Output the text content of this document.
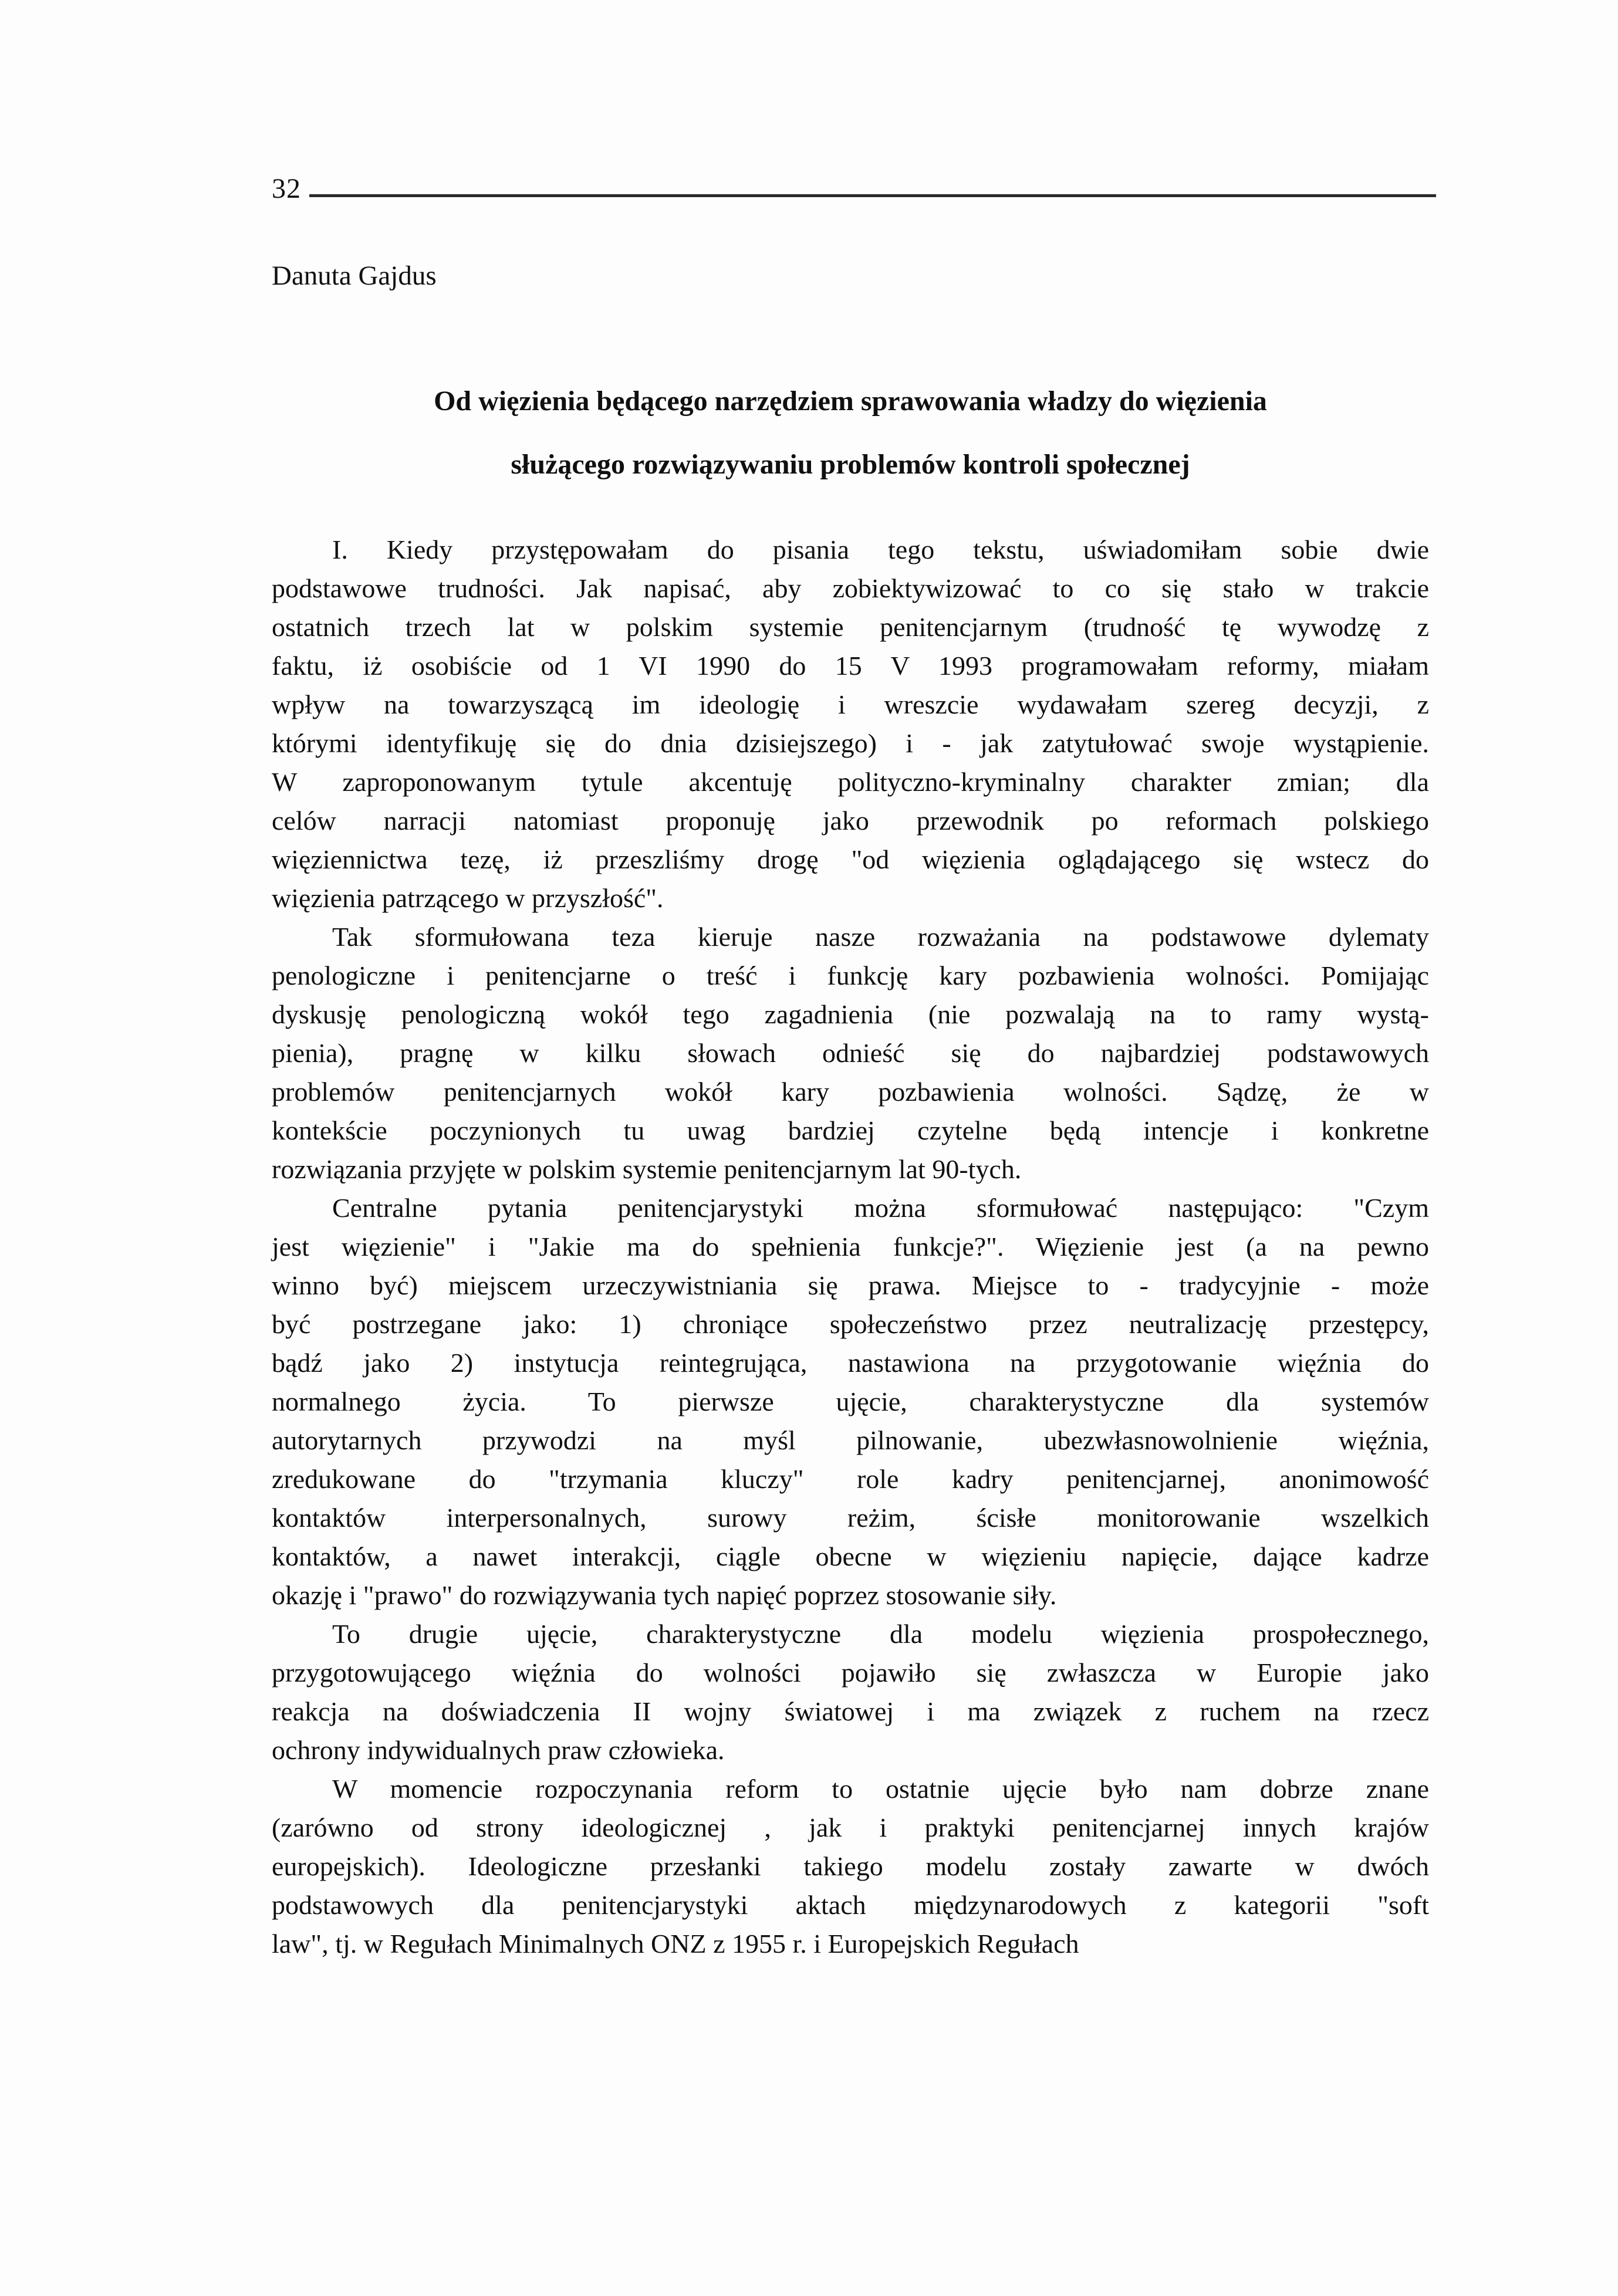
32
Danuta Gajdus
Od więzienia będącego narzędziem sprawowania władzy do więzienia
służącego rozwiązywaniu problemów kontroli społecznej
I. Kiedy przystępowałam do pisania tego tekstu, uświadomiłam sobie dwie
podstawowe trudności. Jak napisać, aby zobiektywizować to co się stało w trakcie
ostatnich trzech lat w polskim systemie penitencjarnym (trudność tę wywodzę z
faktu, iż osobiście od 1 VI 1990 do 15 V 1993 programowałam reformy, miałam
wpływ na towarzyszącą im ideologię i wreszcie wydawałam szereg decyzji, z
którymi identyfikuję się do dnia dzisiejszego) i - jak zatytułować swoje wystąpienie.
W zaproponowanym tytule akcentuję polityczno-kryminalny charakter zmian; dla
celów narracji natomiast proponuję jako przewodnik po reformach polskiego
więziennictwa tezę, iż przeszliśmy drogę "od więzienia oglądającego się wstecz do
więzienia patrzącego w przyszłość".
Tak sformułowana teza kieruje nasze rozważania na podstawowe dylematy
penologiczne i penitencjarne o treść i funkcję kary pozbawienia wolności. Pomijając
dyskusję penologiczną wokół tego zagadnienia (nie pozwalają na to ramy wystą-
pienia), pragnę w kilku słowach odnieść się do najbardziej podstawowych
problemów penitencjarnych wokół kary pozbawienia wolności. Sądzę, że w
kontekście poczynionych tu uwag bardziej czytelne będą intencje i konkretne
rozwiązania przyjęte w polskim systemie penitencjarnym lat 90-tych.
Centralne pytania penitencjarystyki można sformułować następująco: "Czym
jest więzienie" i "Jakie ma do spełnienia funkcje?". Więzienie jest (a na pewno
winno być) miejscem urzeczywistniania się prawa. Miejsce to - tradycyjnie - może
być postrzegane jako: 1) chroniące społeczeństwo przez neutralizację przestępcy,
bądź jako 2) instytucja reintegrująca, nastawiona na przygotowanie więźnia do
normalnego życia. To pierwsze ujęcie, charakterystyczne dla systemów
autorytarnych przywodzi na myśl pilnowanie, ubezwłasnowolnienie więźnia,
zredukowane do "trzymania kluczy" role kadry penitencjarnej, anonimowość
kontaktów interpersonalnych, surowy reżim, ścisłe monitorowanie wszelkich
kontaktów, a nawet interakcji, ciągle obecne w więzieniu napięcie, dające kadrze
okazję i "prawo" do rozwiązywania tych napięć poprzez stosowanie siły.
To drugie ujęcie, charakterystyczne dla modelu więzienia prospołecznego,
przygotowującego więźnia do wolności pojawiło się zwłaszcza w Europie jako
reakcja na doświadczenia II wojny światowej i ma związek z ruchem na rzecz
ochrony indywidualnych praw człowieka.
W momencie rozpoczynania reform to ostatnie ujęcie było nam dobrze znane
(zarówno od strony ideologicznej , jak i praktyki penitencjarnej innych krajów
europejskich). Ideologiczne przesłanki takiego modelu zostały zawarte w dwóch
podstawowych dla penitencjarystyki aktach międzynarodowych z kategorii "soft
law", tj. w Regułach Minimalnych ONZ z 1955 r. i Europejskich Regułach
